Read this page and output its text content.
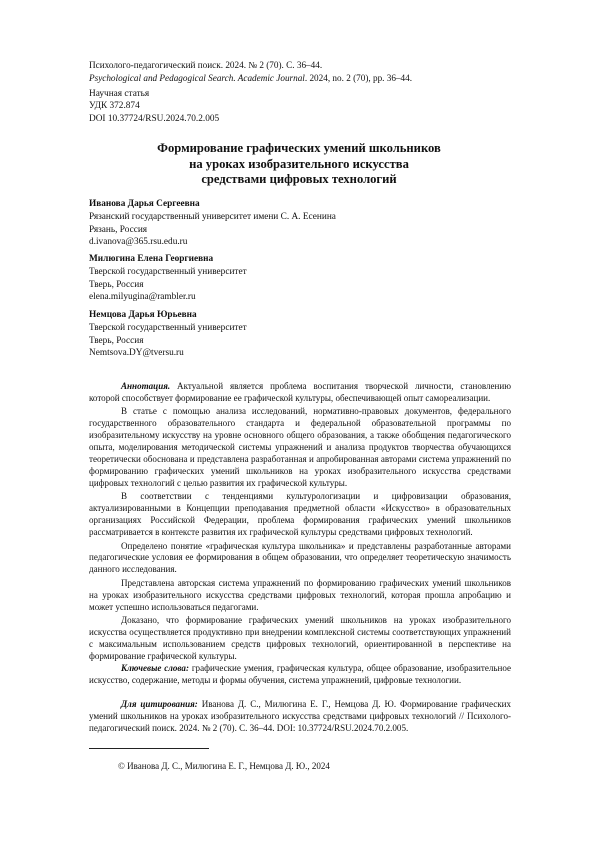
Психолого-педагогический поиск. 2024. № 2 (70). С. 36–44.
Psychological and Pedagogical Search. Academic Journal. 2024, no. 2 (70), pp. 36–44.
Научная статья
УДК 372.874
DOI 10.37724/RSU.2024.70.2.005
Формирование графических умений школьников
на уроках изобразительного искусства
средствами цифровых технологий
Иванова Дарья Сергеевна
Рязанский государственный университет имени С. А. Есенина
Рязань, Россия
d.ivanova@365.rsu.edu.ru
Милюгина Елена Георгиевна
Тверской государственный университет
Тверь, Россия
elena.milyugina@rambler.ru
Немцова Дарья Юрьевна
Тверской государственный университет
Тверь, Россия
Nemtsova.DY@tversu.ru

Аннотация. Актуальной является проблема воспитания творческой личности, становлению которой способствует формирование ее графической культуры, обеспечивающей опыт самореализации.

В статье с помощью анализа исследований, нормативно-правовых документов, федерального государственного образовательного стандарта и федеральной образовательной программы по изобразительному искусству на уровне основного общего образования, а также обобщения педагогического опыта, моделирования методической системы упражнений и анализа продуктов творчества обучающихся теоретически обоснована и представлена разработанная и апробированная авторами система упражнений по формированию графических умений школьников на уроках изобразительного искусства средствами цифровых технологий с целью развития их графической культуры.

В соответствии с тенденциями культурологизации и цифровизации образования, актуализированными в Концепции преподавания предметной области «Искусство» в образовательных организациях Российской Федерации, проблема формирования графических умений школьников рассматривается в контексте развития их графической культуры средствами цифровых технологий.

Определено понятие «графическая культура школьника» и представлены разработанные авторами педагогические условия ее формирования в общем образовании, что определяет теоретическую значимость данного исследования.

Представлена авторская система упражнений по формированию графических умений школьников на уроках изобразительного искусства средствами цифровых технологий, которая прошла апробацию и может успешно использоваться педагогами.

Доказано, что формирование графических умений школьников на уроках изобразительного искусства осуществляется продуктивно при внедрении комплексной системы соответствующих упражнений с максимальным использованием средств цифровых технологий, ориентированной в перспективе на формирование графической культуры.

Ключевые слова: графические умения, графическая культура, общее образование, изобразительное искусство, содержание, методы и формы обучения, система упражнений, цифровые технологии.
Для цитирования: Иванова Д. С., Милюгина Е. Г., Немцова Д. Ю. Формирование графических умений школьников на уроках изобразительного искусства средствами цифровых технологий // Психолого-педагогический поиск. 2024. № 2 (70). С. 36–44. DOI: 10.37724/RSU.2024.70.2.005.
© Иванова Д. С., Милюгина Е. Г., Немцова Д. Ю., 2024
